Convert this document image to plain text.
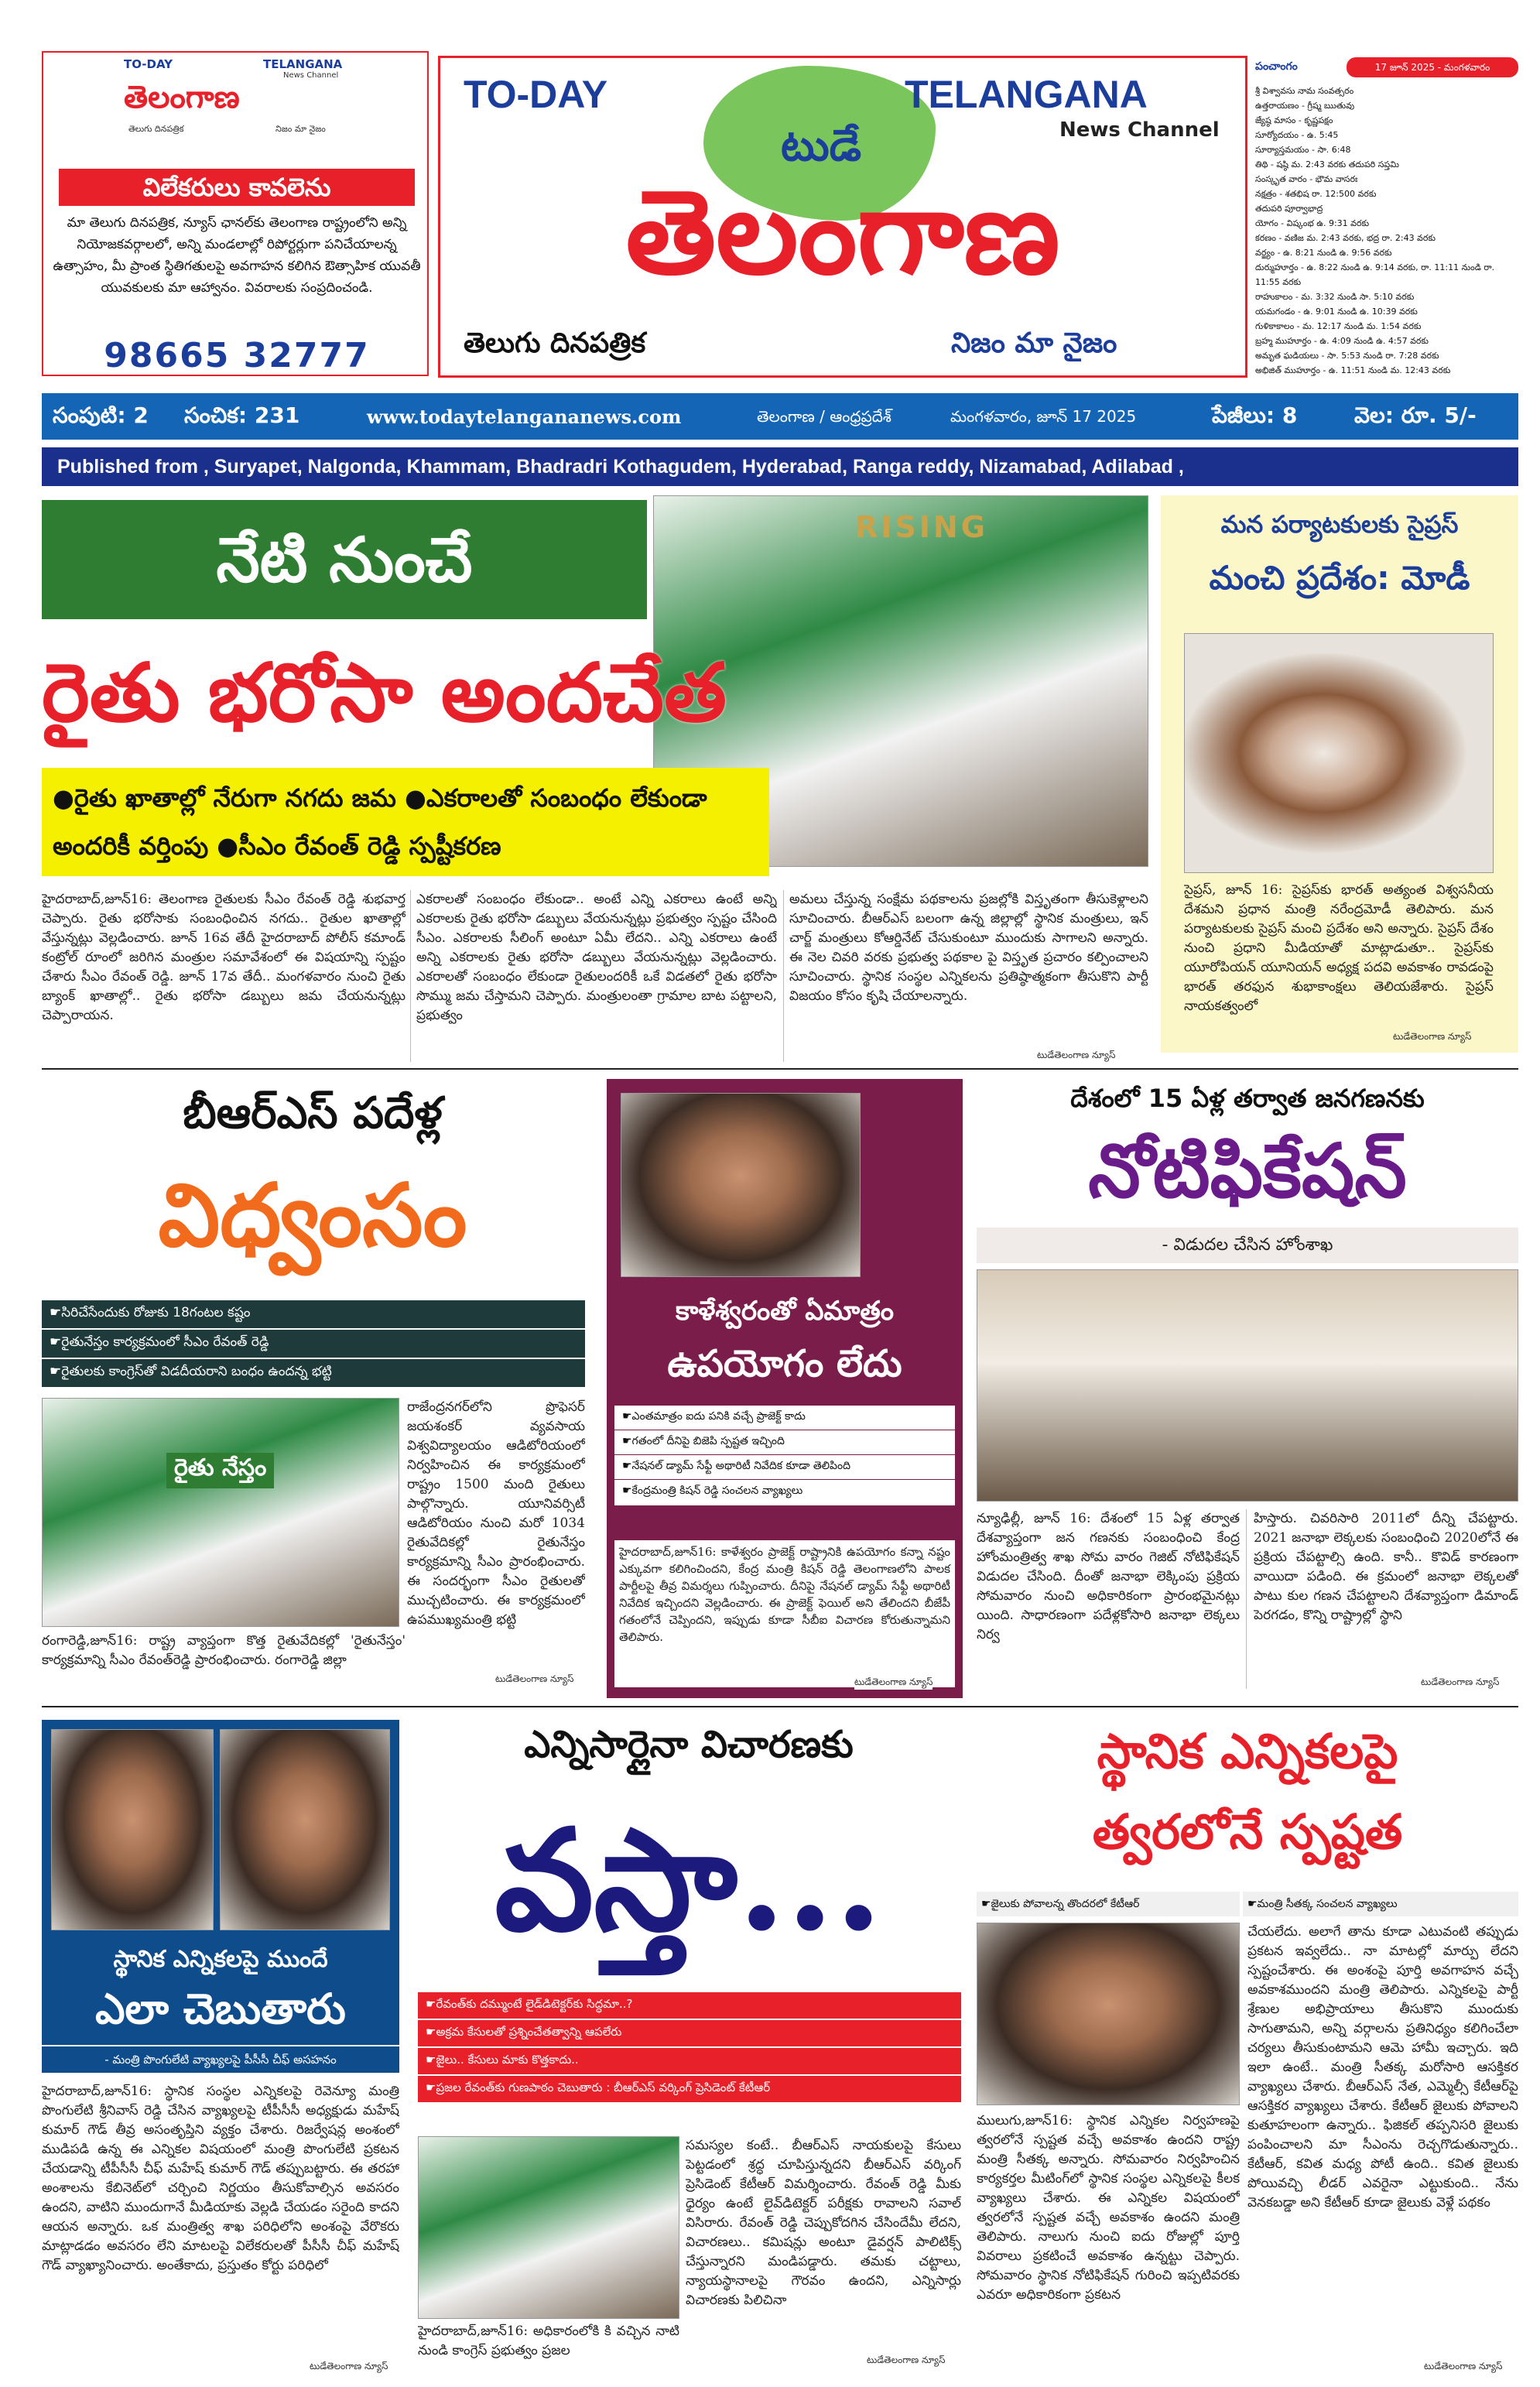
TO-DAY	TELANGANA
News Channel
తెలంగాణ
తెలుగు దినపత్రిక	నిజం మా నైజం
విలేకరులు కావలెను
మా తెలుగు దినపత్రిక, న్యూస్ ఛానల్‌కు తెలంగాణ రాష్ట్రంలోని అన్ని నియోజకవర్గాలలో, అన్ని మండలాల్లో రిపోర్టర్లుగా పనిచేయాలన్న ఉత్సాహం, మీ ప్రాంత స్థితిగతులపై అవగాహన కలిగిన ఔత్సాహిక యువతీ యువకులకు మా ఆహ్వానం. వివరాలకు సంప్రదించండి.
98665 32777
TO-DAY	TELANGANA
News Channel
టుడే
తెలంగాణ
తెలుగు దినపత్రిక	నిజం మా నైజం
పంచాంగం	17 జూన్ 2025 - మంగళవారం
శ్రీ విశ్వావసు నామ సంవత్సరం
ఉత్తరాయణం - గ్రీష్మ ఋతువు
జ్యేష్ఠ మాసం - కృష్ణపక్షం
సూర్యోదయం - ఉ. 5:45
సూర్యాస్తమయం - సా. 6:48
తిథి - షష్ఠి మ. 2:43 వరకు తదుపరి సప్తమి
సంస్కృత వారం - భౌమ వాసరః
నక్షత్రం - శతభిష రా. 12:500 వరకు
తదుపరి పూర్వాభాద్ర
యోగం - విష్కంభ ఉ. 9:31 వరకు
కరణం - వణిజ మ. 2:43 వరకు, భద్ర రా. 2:43 వరకు
వర్జ్యం - ఉ. 8:21 నుండి ఉ. 9:56 వరకు
దుర్ముహూర్తం - ఉ. 8:22 నుండి ఉ. 9:14 వరకు, రా. 11:11 నుండి రా. 11:55 వరకు
రాహుకాలం - మ. 3:32 నుండి సా. 5:10 వరకు
యమగండం - ఉ. 9:01 నుండి ఉ. 10:39 వరకు
గుళికాకాలం - మ. 12:17 నుండి మ. 1:54 వరకు
బ్రహ్మ ముహూర్తం - ఉ. 4:09 నుండి ఉ. 4:57 వరకు
అమృత ఘడియలు - సా. 5:53 నుండి రా. 7:28 వరకు
అభిజిత్ ముహూర్తం - ఉ. 11:51 నుండి మ. 12:43 వరకు
సంపుటి: 2 సంచిక: 231	www.todaytelangananews.com	తెలంగాణ / ఆంధ్రప్రదేశ్	మంగళవారం, జూన్ 17 2025	పేజీలు: 8	వెల: రూ. 5/-
Published from , Suryapet, Nalgonda, Khammam, Bhadradri Kothagudem, Hyderabad, Ranga reddy, Nizamabad, Adilabad ,
RISING
నేటి నుంచే
రైతు భరోసా అందచేత
●రైతు ఖాతాల్లో నేరుగా నగదు జమ ●ఎకరాలతో సంబంధం లేకుండా అందరికీ వర్తింపు ●సీఎం రేవంత్ రెడ్డి స్పష్టీకరణ
హైదరాబాద్,జూన్16: తెలంగాణ రైతులకు సీఎం రేవంత్ రెడ్డి శుభవార్త చెప్పారు. రైతు భరోసాకు సంబంధించిన నగదు.. రైతుల ఖాతాల్లో వేస్తున్నట్లు వెల్లడించారు. జూన్ 16వ తేదీ హైదరాబాద్ పోలీస్ కమాండ్ కంట్రోల్ రూంలో జరిగిన మంత్రుల సమావేశంలో ఈ విషయాన్ని స్పష్టం చేశారు సీఎం రేవంత్ రెడ్డి. జూన్ 17వ తేదీ.. మంగళవారం నుంచి రైతు బ్యాంక్ ఖాతాల్లో.. రైతు భరోసా డబ్బులు జమ చేయనున్నట్లు చెప్పారాయన.
ఎకరాలతో సంబంధం లేకుండా.. అంటే ఎన్ని ఎకరాలు ఉంటే అన్ని ఎకరాలకు రైతు భరోసా డబ్బులు వేయనున్నట్లు ప్రభుత్వం స్పష్టం చేసింది సీఎం. ఎకరాలకు సీలింగ్ అంటూ ఏమీ లేదని.. ఎన్ని ఎకరాలు ఉంటే అన్ని ఎకరాలకు రైతు భరోసా డబ్బులు వేయనున్నట్లు వెల్లడించారు. ఎకరాలతో సంబంధం లేకుండా రైతులందరికీ ఒకే విడతలో రైతు భరోసా సొమ్ము జమ చేస్తామని చెప్పారు. మంత్రులంతా గ్రామాల బాట పట్టాలని, ప్రభుత్వం
అమలు చేస్తున్న సంక్షేమ పథకాలను ప్రజల్లోకి విస్తృతంగా తీసుకెళ్లాలని సూచించారు. బీఆర్ఎస్ బలంగా ఉన్న జిల్లాల్లో స్థానిక మంత్రులు, ఇన్ చార్జ్ మంత్రులు కోఆర్డినేట్ చేసుకుంటూ ముందుకు సాగాలని అన్నారు. ఈ నెల చివరి వరకు ప్రభుత్వ పథకాల పై విస్తృత ప్రచారం కల్పించాలని సూచించారు. స్థానిక సంస్థల ఎన్నికలను ప్రతిష్ఠాత్మకంగా తీసుకొని పార్టీ విజయం కోసం కృషి చేయాలన్నారు.
టుడేతెలంగాణ న్యూస్
మన పర్యాటకులకు సైప్రస్
మంచి ప్రదేశం: మోడీ
సైప్రస్, జూన్ 16: సైప్రస్‌కు భారత్ అత్యంత విశ్వసనీయ దేశమని ప్రధాన మంత్రి నరేంద్రమోడీ తెలిపారు. మన పర్యాటకులకు సైప్రస్ మంచి ప్రదేశం అని అన్నారు. సైప్రస్ దేశం నుంచి ప్రధాని మీడియాతో మాట్లాడుతూ.. సైప్రస్‌కు యూరోపియన్ యూనియన్ అధ్యక్ష పదవి అవకాశం రావడంపై భారత్ తరఫున శుభాకాంక్షలు తెలియజేశారు. సైప్రస్ నాయకత్వంలో
టుడేతెలంగాణ న్యూస్
బీఆర్ఎస్ పదేళ్ల
విధ్వంసం
☛సిరిచేసేందుకు రోజుకు 18గంటల కష్టం
☛రైతునేస్తం కార్యక్రమంలో సీఎం రేవంత్ రెడ్డి
☛రైతులకు కాంగ్రెస్‌తో విడదీయరాని బంధం ఉందన్న భట్టి
రైతు నేస్తం
రాజేంద్రనగర్‌లోని ప్రొఫెసర్ జయశంకర్ వ్యవసాయ విశ్వవిద్యాలయం ఆడిటోరియంలో నిర్వహించిన ఈ కార్యక్రమంలో రాష్ట్రం 1500 మంది రైతులు పాల్గొన్నారు. యూనివర్సిటీ ఆడిటోరియం నుంచి మరో 1034 రైతువేదికల్లో రైతునేస్తం కార్యక్రమాన్ని సీఎం ప్రారంభించారు. ఈ సందర్భంగా సీఎం రైతులతో ముచ్చటించారు. ఈ కార్యక్రమంలో ఉపముఖ్యమంత్రి భట్టి
రంగారెడ్డి,జూన్16: రాష్ట్ర వ్యాప్తంగా కొత్త రైతువేదికల్లో 'రైతునేస్తం' కార్యక్రమాన్ని సీఎం రేవంత్‌రెడ్డి ప్రారంభించారు. రంగారెడ్డి జిల్లా
టుడేతెలంగాణ న్యూస్
కాళేశ్వరంతో ఏమాత్రం
ఉపయోగం లేదు
☛ఎంతమాత్రం ఐదు పనికి వచ్చే ప్రాజెక్ట్ కాదు
☛గతంలో దీనిపై బిజెపి స్పష్టత ఇచ్చింది
☛నేషనల్ డ్యామ్ సేఫ్టీ అథారిటీ నివేదిక కూడా తెలిపింది
☛కేంద్రమంత్రి కిషన్ రెడ్డి సంచలన వ్యాఖ్యలు
హైదరాబాద్,జూన్16: కాళేశ్వరం ప్రాజెక్ట్ రాష్ట్రానికి ఉపయోగం కన్నా నష్టం ఎక్కువగా కలిగించిందని, కేంద్ర మంత్రి కిషన్ రెడ్డి తెలంగాణలోని పాలక పార్టీలపై తీవ్ర విమర్శలు గుప్పించారు. దీనిపై నేషనల్ డ్యామ్ సేఫ్టీ అథారిటీ నివేదిక ఇచ్చిందని వెల్లడించారు. ఈ ప్రాజెక్ట్ ఫెయిల్ అని తేలిందని బీజేపీ గతంలోనే చెప్పిందని, ఇప్పుడు కూడా సీబీఐ విచారణ కోరుతున్నామని తెలిపారు.
టుడేతెలంగాణ న్యూస్
దేశంలో 15 ఏళ్ల తర్వాత జనగణనకు
నోటిఫికేషన్
- విడుదల చేసిన హోంశాఖ
న్యూఢిల్లీ, జూన్ 16: దేశంలో 15 ఏళ్ల తర్వాత దేశవ్యాప్తంగా జన గణనకు సంబంధించి కేంద్ర హోంమంత్రిత్వ శాఖ సోమ వారం గెజిట్ నోటిఫికేషన్ విడుదల చేసింది. దీంతో జనాభా లెక్కింపు ప్రక్రియ సోమవారం నుంచి అధికారికంగా ప్రారంభమైనట్లు యింది. సాధారణంగా పదేళ్లకోసారి జనాభా లెక్కలు నిర్వ
హిస్తారు. చివరిసారి 2011లో దీన్ని చేపట్టారు. 2021 జనాభా లెక్కలకు సంబంధించి 2020లోనే ఈ ప్రక్రియ చేపట్టాల్సి ఉంది. కానీ.. కొవిడ్ కారణంగా వాయిదా పడింది. ఈ క్రమంలో జనాభా లెక్కలతో పాటు కుల గణన చేపట్టాలని దేశవ్యాప్తంగా డిమాండ్ పెరగడం, కొన్ని రాష్ట్రాల్లో స్థాని
టుడేతెలంగాణ న్యూస్
స్థానిక ఎన్నికలపై ముందే
ఎలా చెబుతారు
- మంత్రి పొంగులేటి వ్యాఖ్యలపై పీసీసీ చీఫ్ అసహనం
హైదరాబాద్,జూన్16: స్థానిక సంస్థల ఎన్నికలపై రెవెన్యూ మంత్రి పొంగులేటి శ్రీనివాస్ రెడ్డి చేసిన వ్యాఖ్యలపై టీపీసీసీ అధ్యక్షుడు మహేష్ కుమార్ గౌడ్ తీవ్ర అసంతృప్తిని వ్యక్తం చేశారు. రిజర్వేషన్ల అంశంలో ముడిపడి ఉన్న ఈ ఎన్నికల విషయంలో మంత్రి పొంగులేటి ప్రకటన చేయడాన్ని టీపీసీసీ చీఫ్ మహేష్ కుమార్ గౌడ్ తప్పుబట్టారు. ఈ తరహా అంశాలను కేబినెట్‌లో చర్చించి నిర్ణయం తీసుకోవాల్సిన అవసరం ఉందని, వాటిని ముందుగానే మీడియాకు వెల్లడి చేయడం సరైంది కాదని ఆయన అన్నారు. ఒక మంత్రిత్వ శాఖ పరిధిలోని అంశంపై వేరొకరు మాట్లాడడం అవసరం లేని మాటలపై విలేకరులతో పీసీసీ చీఫ్ మహేష్ గౌడ్ వ్యాఖ్యానించారు. అంతేకాదు, ప్రస్తుతం కోర్టు పరిధిలో
ఎన్నిసార్లైనా విచారణకు
వస్తా...
☛రేవంత్‌కు దమ్ముంటే లైడ్‌డిటెక్టర్‌కు సిద్ధమా..?
☛అక్రమ కేసులతో ప్రశ్నించేతత్వాన్ని ఆపలేరు
☛జైలు.. కేసులు మాకు కొత్తకాదు..
☛ప్రజల రేవంత్‌కు గుణపాఠం చెబుతారు : బీఆర్ఎస్ వర్కింగ్ ప్రెసిడెంట్ కేటీఆర్
సమస్యల కంటే.. బీఆర్ఎస్ నాయకులపై కేసులు పెట్టడంలో శ్రద్ధ చూపిస్తున్నదని బీఆర్ఎస్ వర్కింగ్ ప్రెసిడెంట్ కేటీఆర్ విమర్శించారు. రేవంత్ రెడ్డి మీకు ధైర్యం ఉంటే లైవ్‌డిటెక్టర్ పరీక్షకు రావాలని సవాల్ విసిరారు. రేవంత్ రెడ్డి చెప్పుకోదగిన చేసిందేమీ లేదని, విచారణలు.. కమిషన్లు అంటూ డైవర్షన్ పాలిటిక్స్ చేస్తున్నారని మండిపడ్డారు. తమకు చట్టాలు, న్యాయస్థానాలపై గౌరవం ఉందని, ఎన్నిసార్లు విచారణకు పిలిచినా
హైదరాబాద్,జూన్16: అధికారంలోకి కి వచ్చిన నాటి నుండి కాంగ్రెస్ ప్రభుత్వం ప్రజల
టుడేతెలంగాణ న్యూస్
స్థానిక ఎన్నికలపై
త్వరలోనే స్పష్టత
☛జైలుకు పోవాలన్న తొందరలో కేటీఆర్	☛మంత్రి సీతక్క సంచలన వ్యాఖ్యలు
చేయలేదు. అలాగే తాను కూడా ఎటువంటి తప్పుడు ప్రకటన ఇవ్వలేదు.. నా మాటల్లో మార్పు లేదని స్పష్టంచేశారు. ఈ అంశంపై పూర్తి అవగాహన వచ్చే అవకాశముందని మంత్రి తెలిపారు. ఎన్నికలపై పార్టీ శ్రేణుల అభిప్రాయాలు తీసుకొని ముందుకు సాగుతామని, అన్ని వర్గాలను ప్రతినిధ్యం కలిగించేలా చర్యలు తీసుకుంటామని ఆమె హామీ ఇచ్చారు. ఇది ఇలా ఉంటే.. మంత్రి సీతక్క మరోసారి ఆసక్తికర వ్యాఖ్యలు చేశారు. బీఆర్ఎస్ నేత, ఎమ్మెల్సీ కేటీఆర్‌పై ఆసక్తికర వ్యాఖ్యలు చేశారు. కేటీఆర్ జైలుకు పోవాలని కుతూహలంగా ఉన్నారు.. ఫిజికల్ తప్పనిసరి జైలుకు పంపించాలని మా సీఎంను రెచ్చగొడుతున్నారు.. కేటీఆర్, కవిత మధ్య పోటీ ఉంది.. కవిత జైలుకు పోయివచ్చి లీడర్ ఎవరైనా ఎట్టుకుంది.. నేను వెనకబడ్డా అని కేటీఆర్ కూడా జైలుకు వెళ్లే పథకం
ములుగు,జూన్16: స్థానిక ఎన్నికల నిర్వహణపై త్వరలోనే స్పష్టత వచ్చే అవకాశం ఉందని రాష్ట్ర మంత్రి సీతక్క అన్నారు. సోమవారం నిర్వహించిన కార్యకర్తల మీటింగ్‌లో స్థానిక సంస్థల ఎన్నికలపై కీలక వ్యాఖ్యలు చేశారు. ఈ ఎన్నికల విషయంలో త్వరలోనే స్పష్టత వచ్చే అవకాశం ఉందని మంత్రి తెలిపారు. నాలుగు నుంచి ఐదు రోజుల్లో పూర్తి వివరాలు ప్రకటించే అవకాశం ఉన్నట్టు చెప్పారు. సోమవారం స్థానిక నోటిఫికేషన్ గురించి ఇప్పటివరకు ఎవరూ అధికారికంగా ప్రకటన
టుడేతెలంగాణ న్యూస్	టుడేతెలంగాణ న్యూస్
